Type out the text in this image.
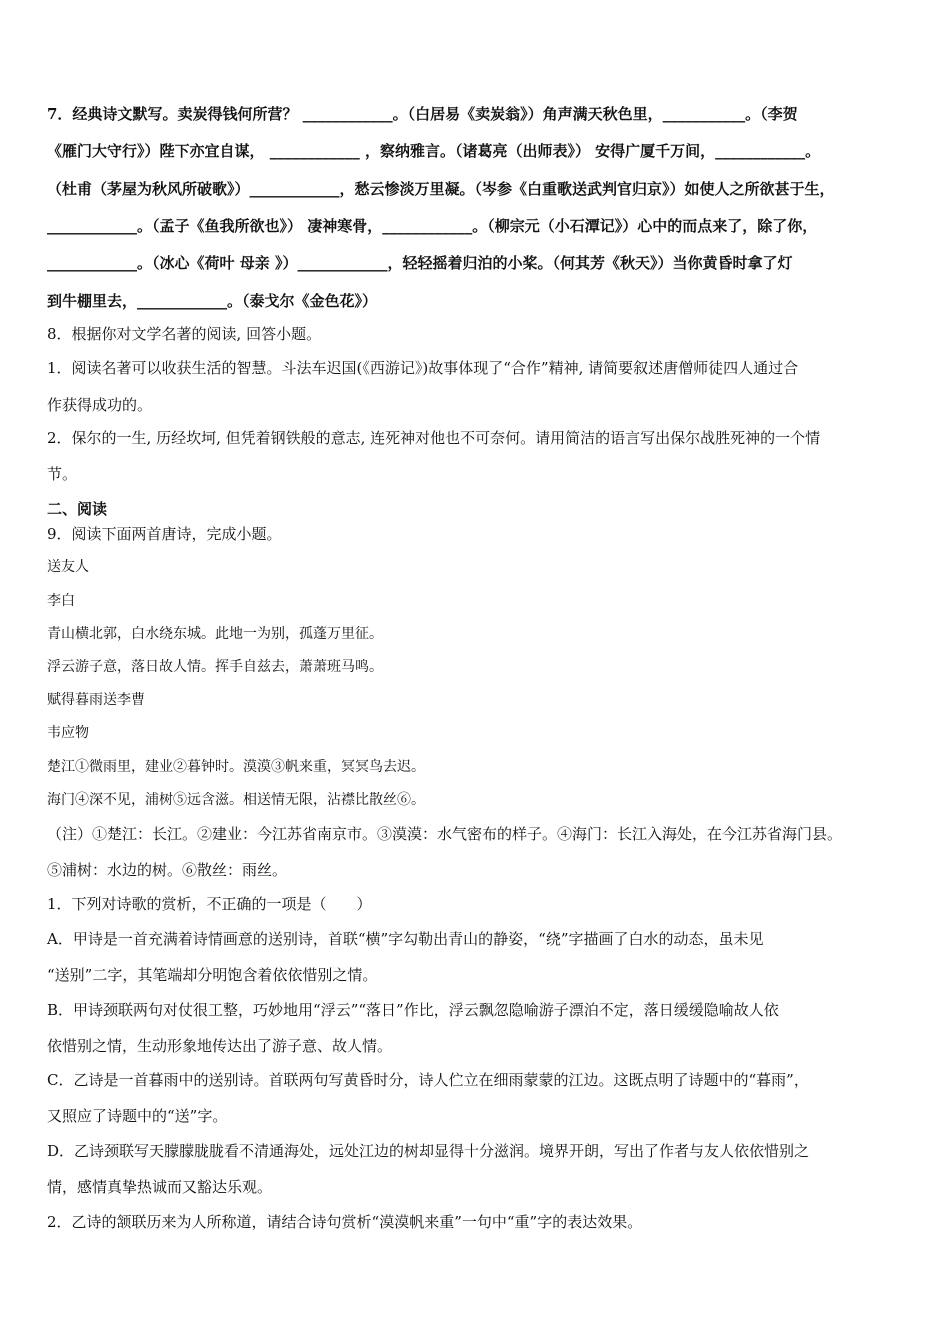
7．经典诗文默写。卖炭得钱何所营？ ____________。（白居易《卖炭翁》）角声满天秋色里，___________。（李贺
《雁门大守行》）陛下亦宜自谋， ____________ ，察纳雅言。（诸葛亮（出师表》） 安得广厦千万间，____________。
（杜甫（茅屋为秋风所破歌》）____________，愁云惨淡万里凝。（岑参《白重歌送武判官归京》）如使人之所欲甚于生，
____________。（孟子《鱼我所欲也》） 凄神寒骨，____________。（柳宗元（小石潭记》）心中的而点来了，除了你，
____________。（冰心《荷叶 母亲 》）____________，轻轻摇着归泊的小桨。（何其芳《秋天》）当你黄昏时拿了灯
到牛棚里去，____________。（泰戈尔《金色花》）
8．根据你对文学名著的阅读, 回答小题。
1．阅读名著可以收获生活的智慧。斗法车迟国(《西游记》)故事体现了“合作”精神, 请简要叙述唐僧师徒四人通过合
作获得成功的。
2．保尔的一生, 历经坎坷, 但凭着钢铁般的意志, 连死神对他也不可奈何。请用简洁的语言写出保尔战胜死神的一个情
节。
二、阅读
9．阅读下面两首唐诗，完成小题。
送友人
李白
青山横北郭，白水绕东城。此地一为别，孤蓬万里征。
浮云游子意，落日故人情。挥手自兹去，萧萧班马鸣。
赋得暮雨送李曹
韦应物
楚江①微雨里，建业②暮钟时。漠漠③帆来重，冥冥鸟去迟。
海门④深不见，浦树⑤远含滋。相送情无限，沾襟比散丝⑥。
（注）①楚江：长江。②建业：今江苏省南京市。③漠漠：水气密布的样子。④海门：长江入海处，在今江苏省海门县。
⑤浦树：水边的树。⑥散丝：雨丝。
1．下列对诗歌的赏析，不正确的一项是（　　）
A．甲诗是一首充满着诗情画意的送别诗，首联“横”字勾勒出青山的静姿，“绕”字描画了白水的动态，虽未见
“送别”二字，其笔端却分明饱含着依依惜别之情。
B．甲诗颈联两句对仗很工整，巧妙地用“浮云”“落日”作比，浮云飘忽隐喻游子漂泊不定，落日缓缓隐喻故人依
依惜别之情，生动形象地传达出了游子意、故人情。
C．乙诗是一首暮雨中的送别诗。首联两句写黄昏时分，诗人伫立在细雨蒙蒙的江边。这既点明了诗题中的“暮雨”，
又照应了诗题中的“送”字。
D．乙诗颈联写天朦朦胧胧看不清通海处，远处江边的树却显得十分滋润。境界开朗，写出了作者与友人依依惜别之
情，感情真挚热诚而又豁达乐观。
2．乙诗的颔联历来为人所称道，请结合诗句赏析“漠漠帆来重”一句中“重”字的表达效果。
